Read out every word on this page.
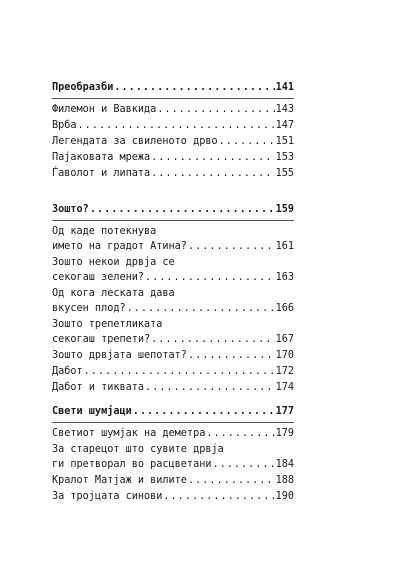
Преобразби .....	141
Филемон и Вавкида .....	143
Врба .....	147
Легендата за свиленото дрво .....	151
Пајаковата мрежа .....	153
Ѓаволот и липата .....	155
Зошто? .....	159
Од каде потекнува
името на градот Атина? .....	161
Зошто некои дрвја се
секогаш зелени? .....	163
Од кога леската дава
вкусен плод? .....	166
Зошто трепетликата
секогаш трепети? .....	167
Зошто дрвјата шепотат? .....	170
Дабот .....	172
Дабот и тиквата .....	174
Свети шумјаци .....	177
Светиот шумјак на деметра .....	179
За старецот што сувите дрвја
ги претворал во расцветани .....	184
Кралот Матјаж и вилите .....	188
За тројцата синови .....	190
